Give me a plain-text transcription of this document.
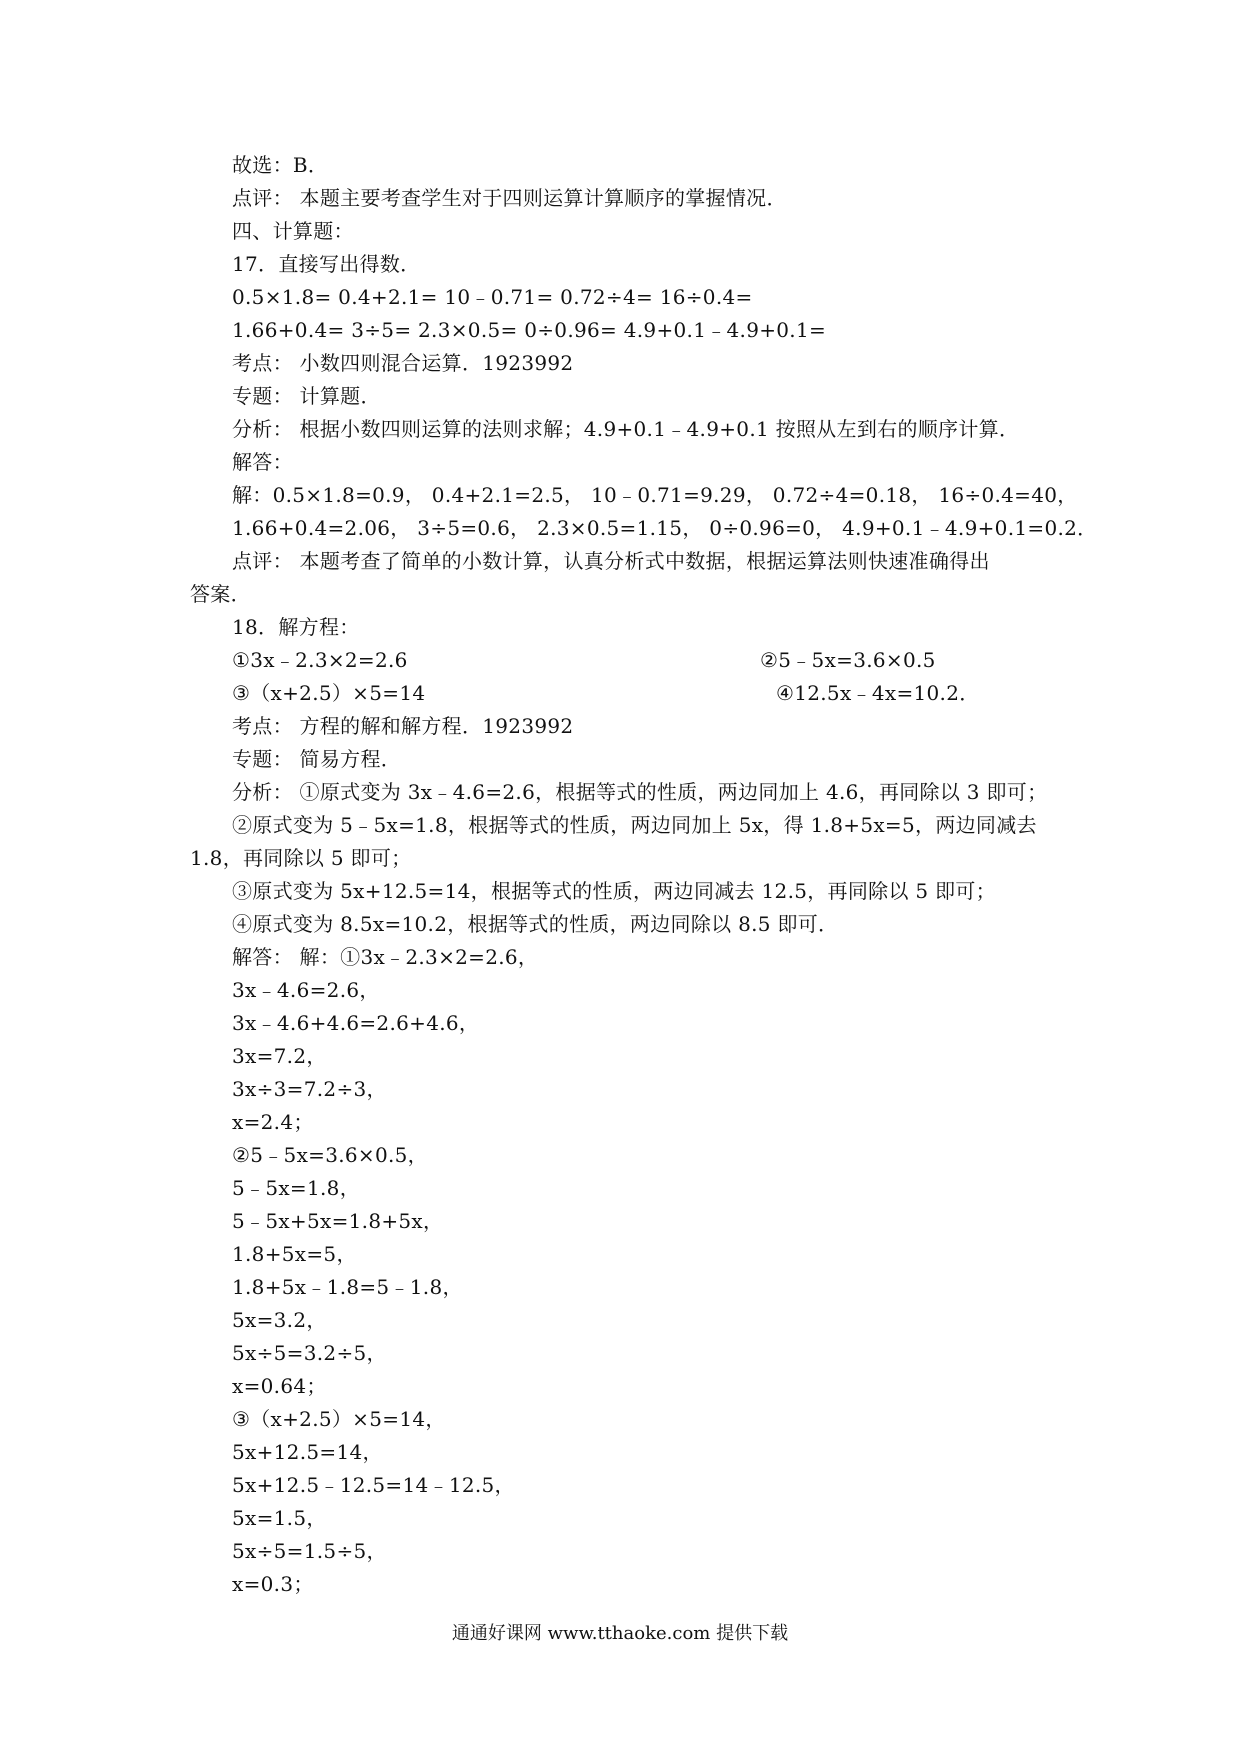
故选：B．
点评： 本题主要考查学生对于四则运算计算顺序的掌握情况．
四、计算题：
17．直接写出得数．
0.5×1.8= 0.4+2.1= 10﹣0.71= 0.72÷4= 16÷0.4=
1.66+0.4= 3÷5= 2.3×0.5= 0÷0.96= 4.9+0.1﹣4.9+0.1=
考点： 小数四则混合运算．1923992
专题： 计算题．
分析： 根据小数四则运算的法则求解；4.9+0.1﹣4.9+0.1 按照从左到右的顺序计算．
解答：
解：0.5×1.8=0.9， 0.4+2.1=2.5， 10﹣0.71=9.29， 0.72÷4=0.18， 16÷0.4=40，
1.66+0.4=2.06， 3÷5=0.6， 2.3×0.5=1.15， 0÷0.96=0， 4.9+0.1﹣4.9+0.1=0.2．
点评： 本题考查了简单的小数计算，认真分析式中数据，根据运算法则快速准确得出
答案．
18．解方程：
①3x﹣2.3×2=2.6	②5﹣5x=3.6×0.5
③（x+2.5）×5=14	④12.5x﹣4x=10.2．
考点： 方程的解和解方程．1923992
专题： 简易方程．
分析： ①原式变为 3x﹣4.6=2.6，根据等式的性质，两边同加上 4.6，再同除以 3 即可；
②原式变为 5﹣5x=1.8，根据等式的性质，两边同加上 5x，得 1.8+5x=5，两边同减去
1.8，再同除以 5 即可；
③原式变为 5x+12.5=14，根据等式的性质，两边同减去 12.5，再同除以 5 即可；
④原式变为 8.5x=10.2，根据等式的性质，两边同除以 8.5 即可．
解答： 解：①3x﹣2.3×2=2.6，
3x﹣4.6=2.6，
3x﹣4.6+4.6=2.6+4.6，
3x=7.2，
3x÷3=7.2÷3，
x=2.4；
②5﹣5x=3.6×0.5，
5﹣5x=1.8，
5﹣5x+5x=1.8+5x，
1.8+5x=5，
1.8+5x﹣1.8=5﹣1.8，
5x=3.2，
5x÷5=3.2÷5，
x=0.64；
③（x+2.5）×5=14，
5x+12.5=14，
5x+12.5﹣12.5=14﹣12.5，
5x=1.5，
5x÷5=1.5÷5，
x=0.3；
通通好课网 www.tthaoke.com 提供下载
